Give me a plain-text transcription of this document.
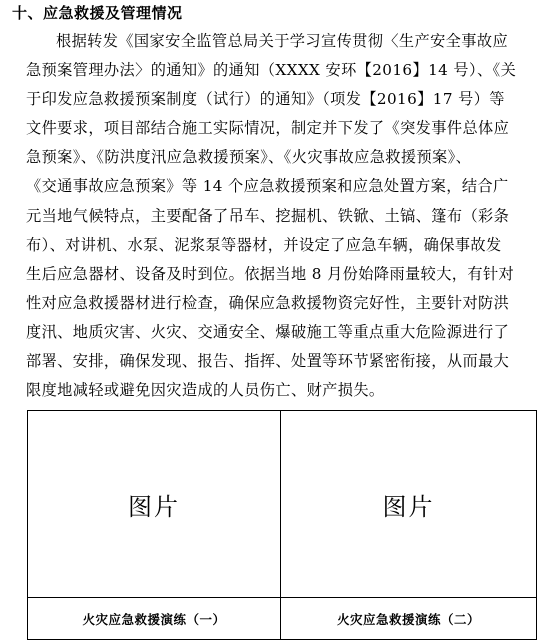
十、应急救援及管理情况
根据转发《国家安全监管总局关于学习宣传贯彻〈生产安全事故应
急预案管理办法〉的通知》的通知（XXXX 安环【2016】14 号）、《关
于印发应急救援预案制度（试行）的通知》（项发【2016】17 号）等
文件要求，项目部结合施工实际情况，制定并下发了《突发事件总体应
急预案》、《防洪度汛应急救援预案》、《火灾事故应急救援预案》、
《交通事故应急预案》等 14 个应急救援预案和应急处置方案，结合广
元当地气候特点，主要配备了吊车、挖掘机、铁锨、土镐、篷布（彩条
布）、对讲机、水泵、泥浆泵等器材，并设定了应急车辆，确保事故发
生后应急器材、设备及时到位。依据当地 8 月份始降雨量较大，有针对
性对应急救援器材进行检查，确保应急救援物资完好性，主要针对防洪
度汛、地质灾害、火灾、交通安全、爆破施工等重点重大危险源进行了
部署、安排，确保发现、报告、指挥、处置等环节紧密衔接，从而最大
限度地减轻或避免因灾造成的人员伤亡、财产损失。
图片	图片
火灾应急救援演练（一）	火灾应急救援演练（二）
